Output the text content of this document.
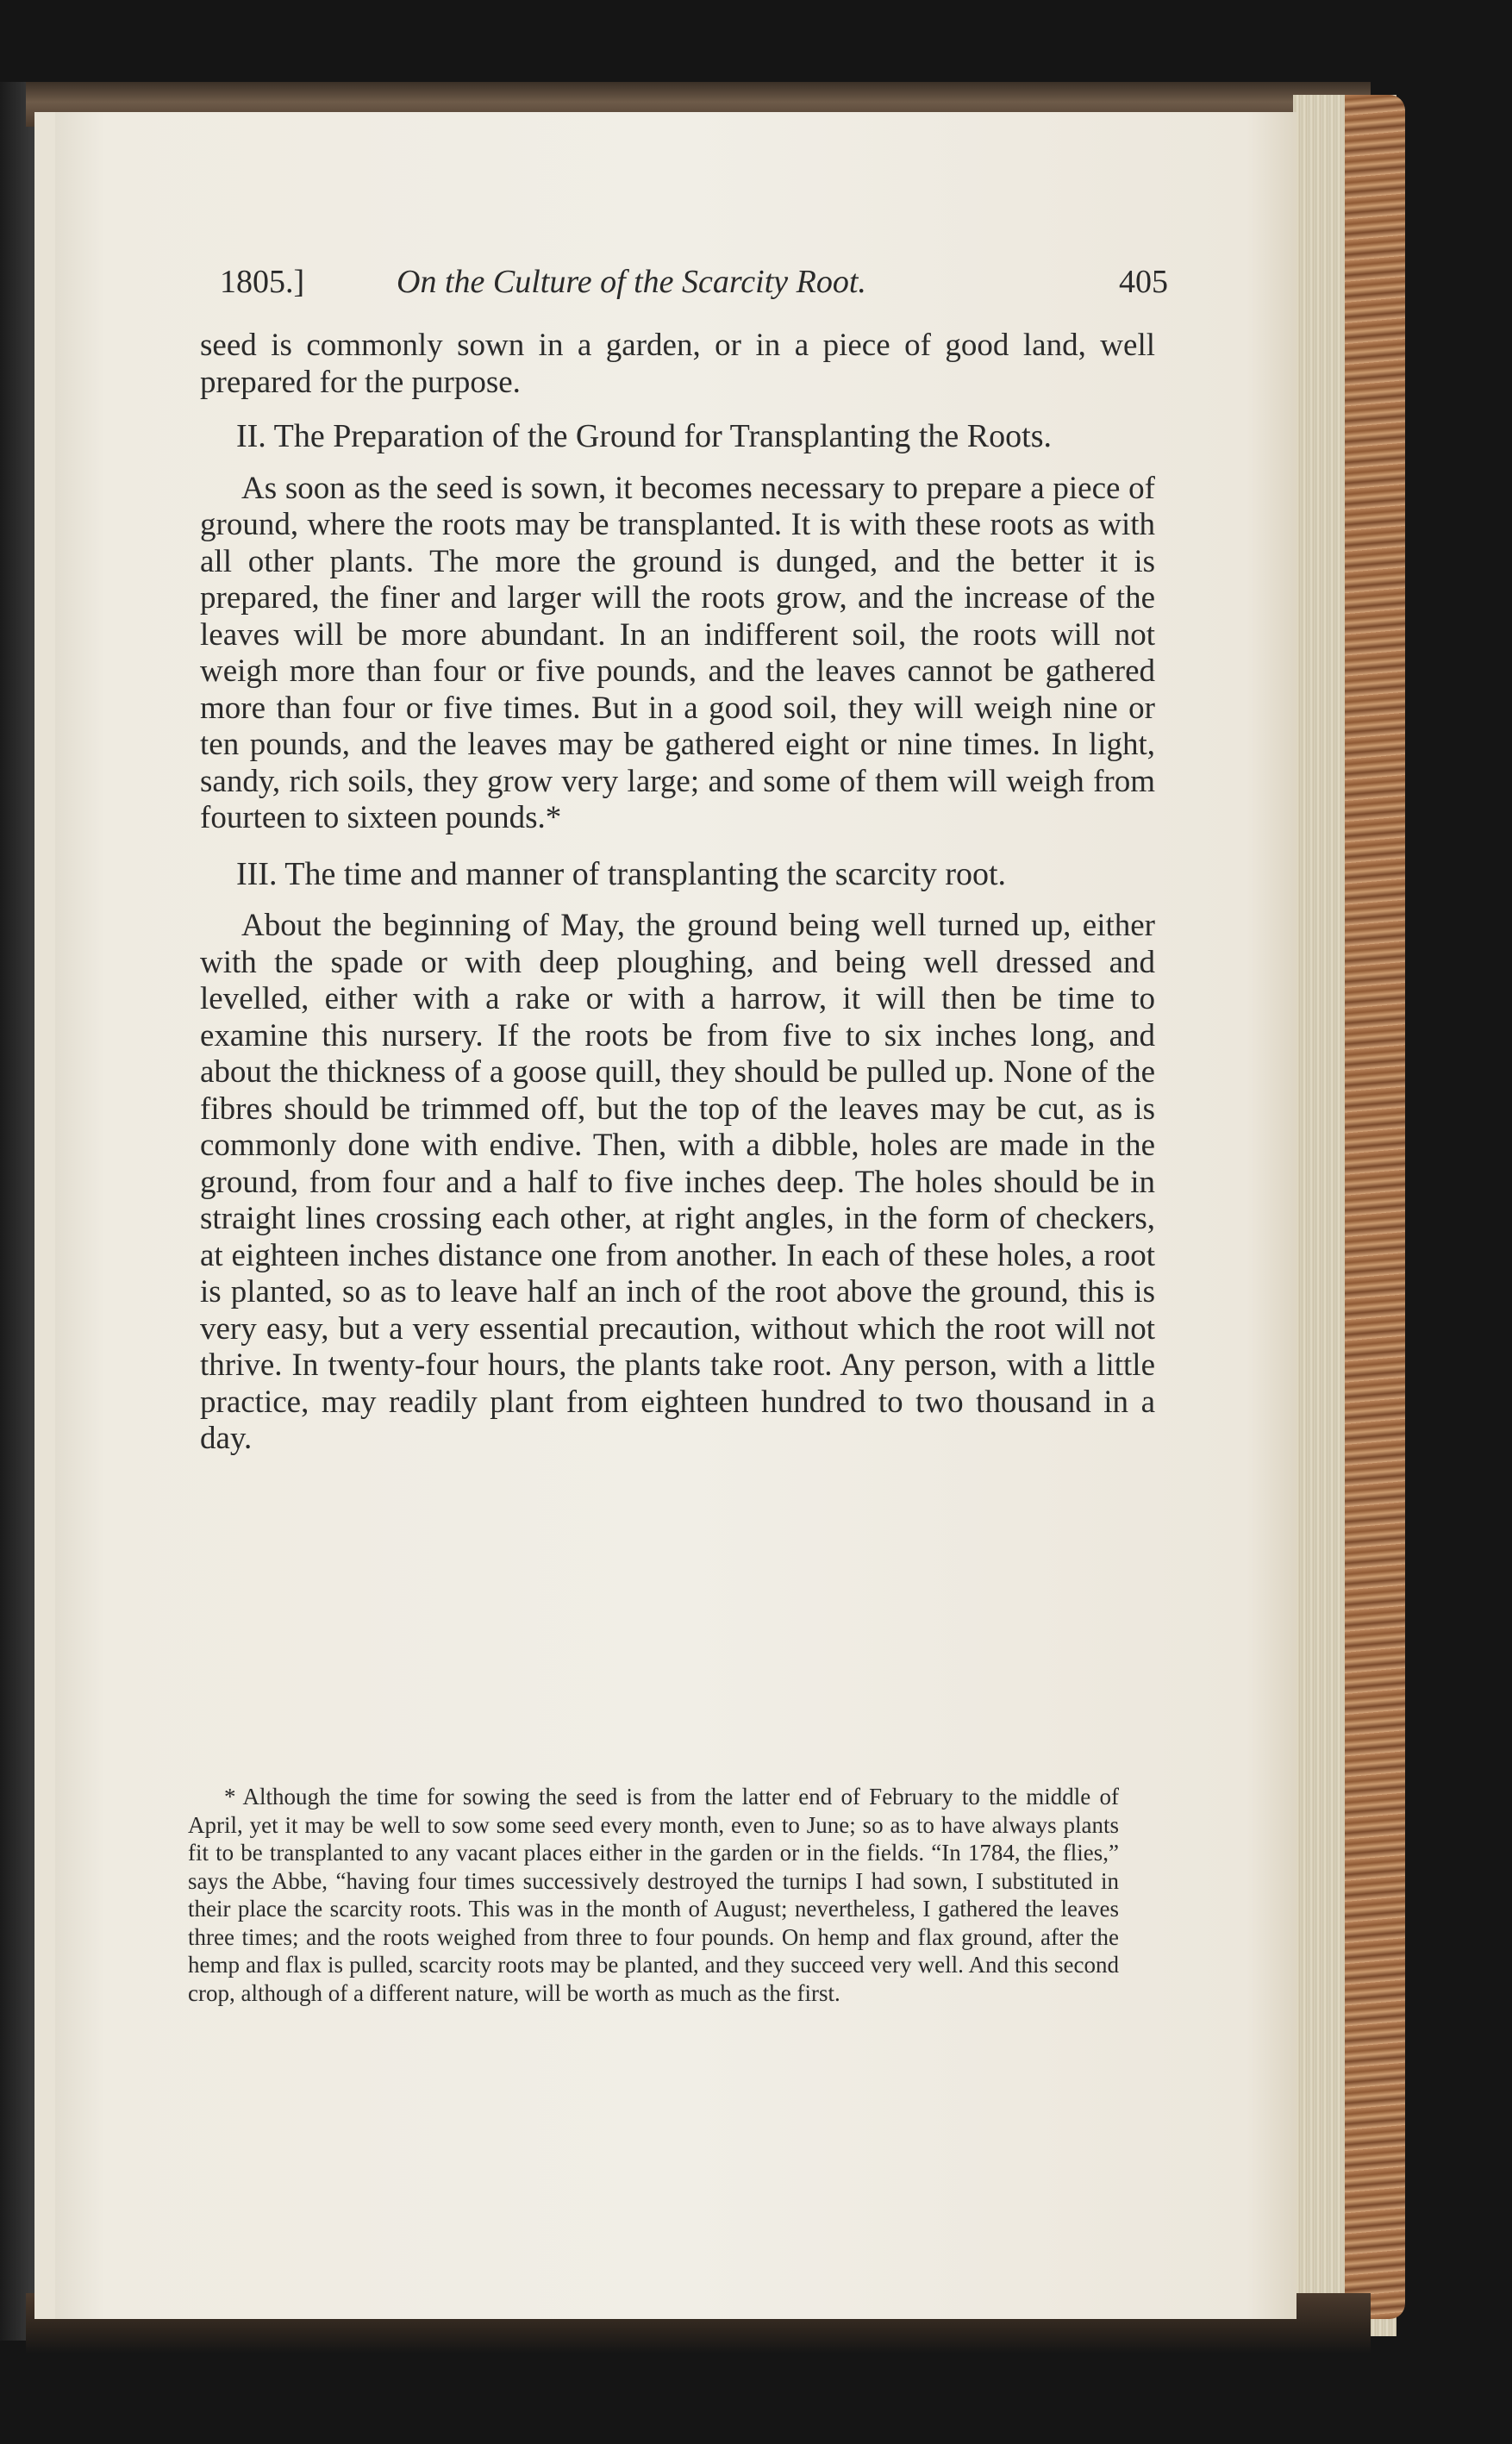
1805.]	On the Culture of the Scarcity Root.	405

seed is commonly sown in a garden, or in a piece of good land, well prepared for the purpose.

II. The Preparation of the Ground for Transplanting the Roots.

As soon as the seed is sown, it becomes necessary to prepare a piece of ground, where the roots may be transplanted. It is with these roots as with all other plants. The more the ground is dunged, and the better it is prepared, the finer and larger will the roots grow, and the increase of the leaves will be more abundant. In an indifferent soil, the roots will not weigh more than four or five pounds, and the leaves cannot be gathered more than four or five times. But in a good soil, they will weigh nine or ten pounds, and the leaves may be gathered eight or nine times. In light, sandy, rich soils, they grow very large; and some of them will weigh from fourteen to sixteen pounds.*

III. The time and manner of transplanting the scarcity root.

About the beginning of May, the ground being well turned up, either with the spade or with deep ploughing, and being well dressed and levelled, either with a rake or with a harrow, it will then be time to examine this nursery. If the roots be from five to six inches long, and about the thickness of a goose quill, they should be pulled up. None of the fibres should be trimmed off, but the top of the leaves may be cut, as is commonly done with endive. Then, with a dibble, holes are made in the ground, from four and a half to five inches deep. The holes should be in straight lines crossing each other, at right angles, in the form of checkers, at eighteen inches distance one from another. In each of these holes, a root is planted, so as to leave half an inch of the root above the ground, this is very easy, but a very essential precaution, without which the root will not thrive. In twenty-four hours, the plants take root. Any person, with a little practice, may readily plant from eighteen hundred to two thousand in a day.

* Although the time for sowing the seed is from the latter end of February to the middle of April, yet it may be well to sow some seed every month, even to June; so as to have always plants fit to be transplanted to any vacant places either in the garden or in the fields. “In 1784, the flies,” says the Abbe, “having four times successively destroyed the turnips I had sown, I substituted in their place the scarcity roots. This was in the month of August; nevertheless, I gathered the leaves three times; and the roots weighed from three to four pounds. On hemp and flax ground, after the hemp and flax is pulled, scarcity roots may be planted, and they succeed very well. And this second crop, although of a different nature, will be worth as much as the first.
